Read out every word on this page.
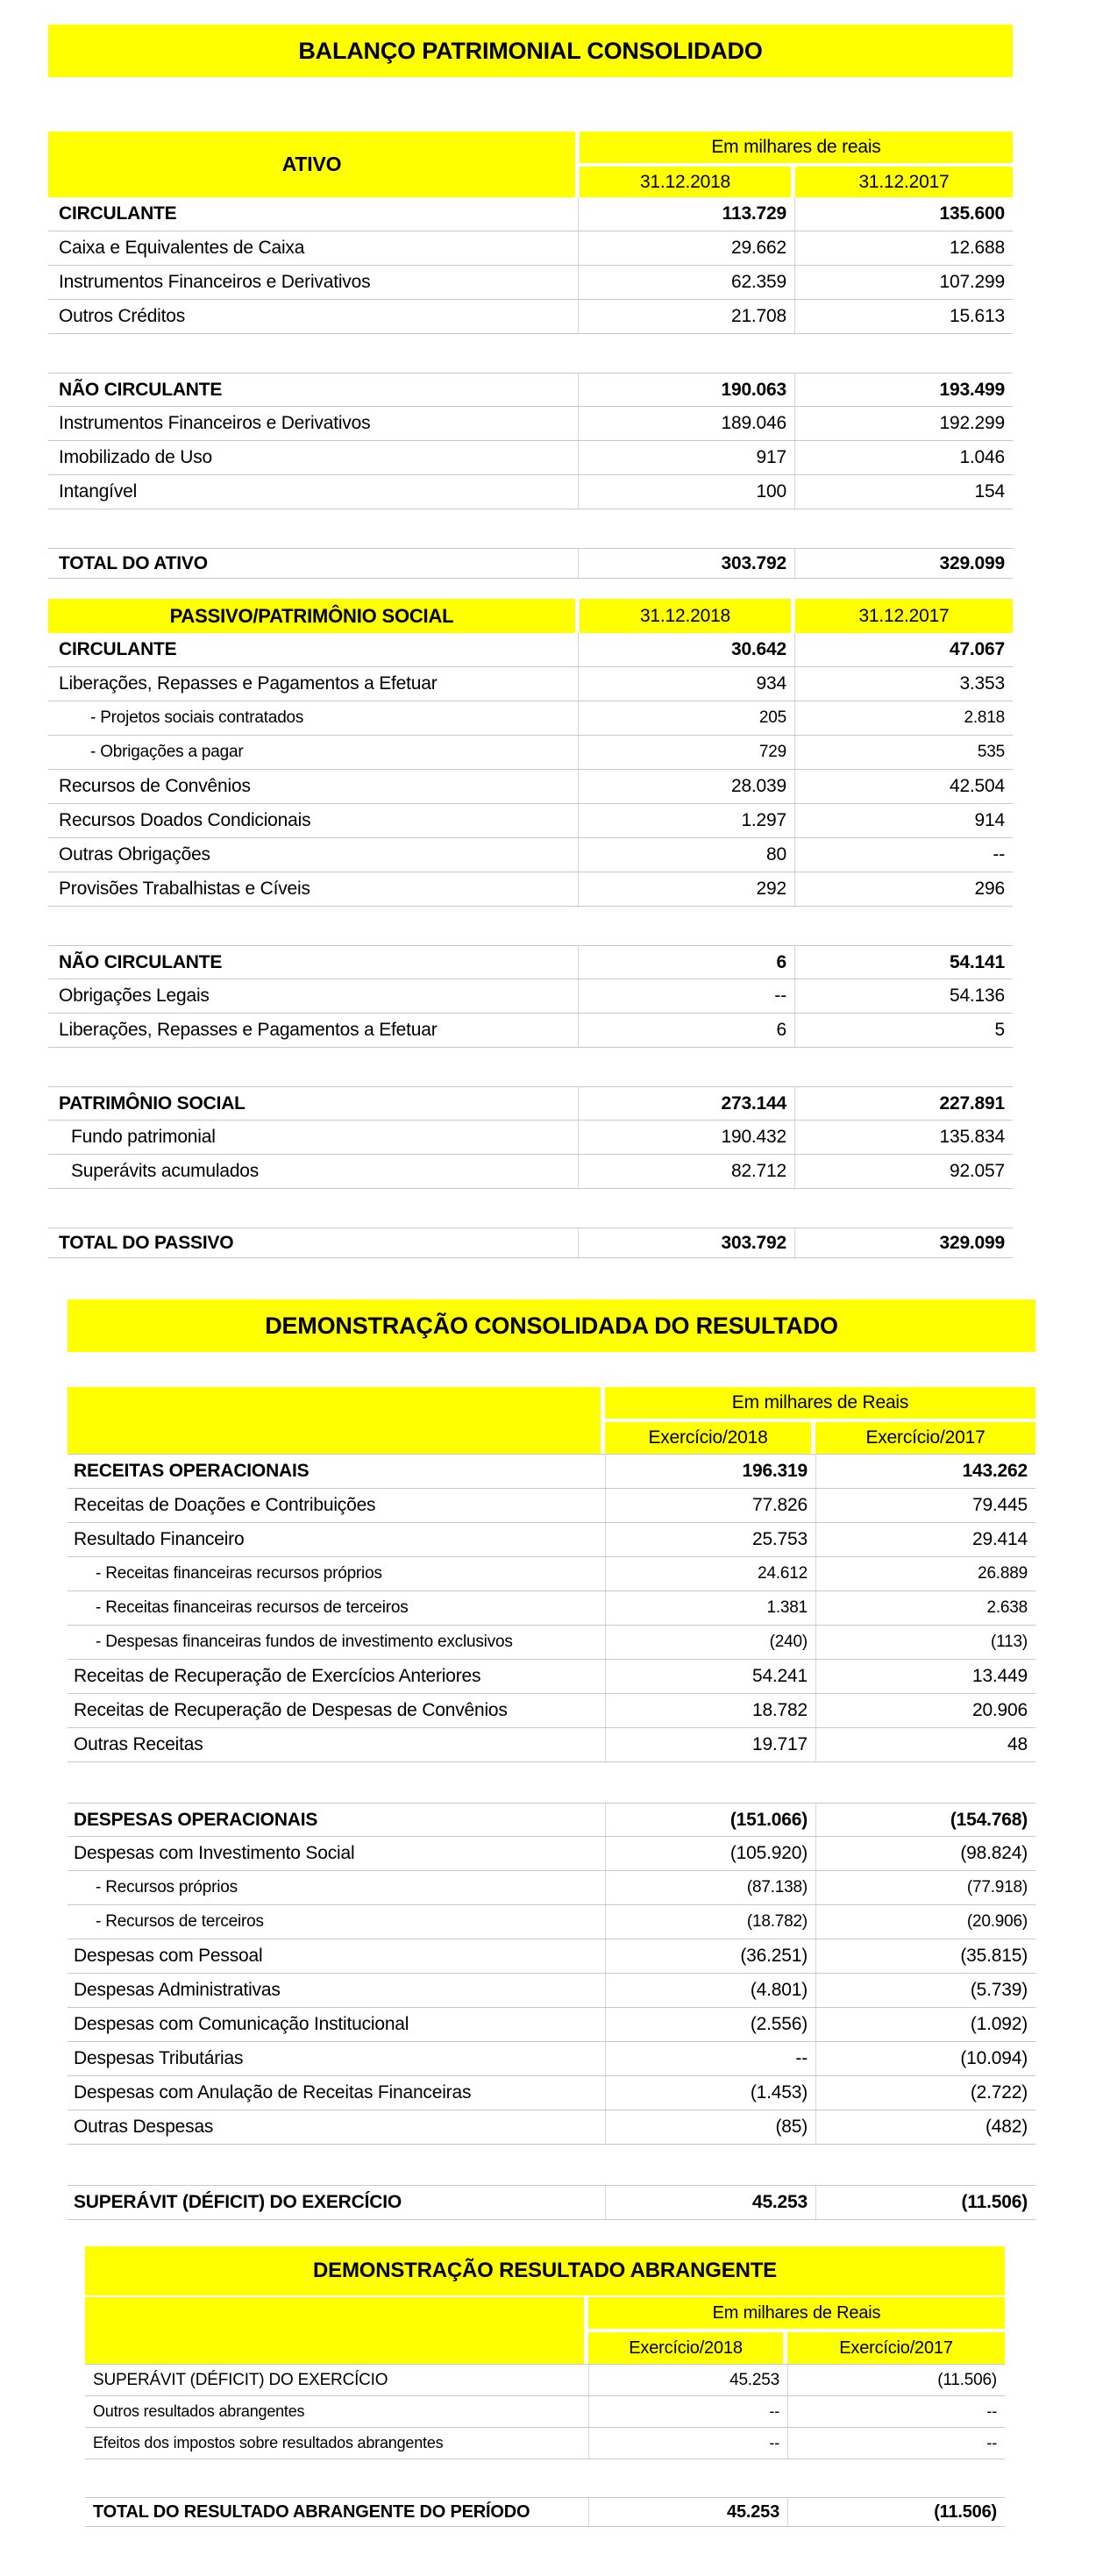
BALANÇO PATRIMONIAL CONSOLIDADO
ATIVO
Em milhares de reais
31.12.2018	31.12.2017
CIRCULANTE	113.729	135.600
Caixa e Equivalentes de Caixa	29.662	12.688
Instrumentos Financeiros e Derivativos	62.359	107.299
Outros Créditos	21.708	15.613
NÃO CIRCULANTE	190.063	193.499
Instrumentos Financeiros e Derivativos	189.046	192.299
Imobilizado de Uso	917	1.046
Intangível	100	154
TOTAL DO ATIVO	303.792	329.099
PASSIVO/PATRIMÔNIO SOCIAL	31.12.2018	31.12.2017
CIRCULANTE	30.642	47.067
Liberações, Repasses e Pagamentos a Efetuar	934	3.353
- Projetos sociais contratados	205	2.818
- Obrigações a pagar	729	535
Recursos de Convênios	28.039	42.504
Recursos Doados Condicionais	1.297	914
Outras Obrigações	80	--
Provisões Trabalhistas e Cíveis	292	296
NÃO CIRCULANTE	6	54.141
Obrigações Legais	--	54.136
Liberações, Repasses e Pagamentos a Efetuar	6	5
PATRIMÔNIO SOCIAL	273.144	227.891
Fundo patrimonial	190.432	135.834
Superávits acumulados	82.712	92.057
TOTAL DO PASSIVO	303.792	329.099
DEMONSTRAÇÃO CONSOLIDADA DO RESULTADO
Em milhares de Reais
Exercício/2018	Exercício/2017
RECEITAS OPERACIONAIS	196.319	143.262
Receitas de Doações e Contribuições	77.826	79.445
Resultado Financeiro	25.753	29.414
- Receitas financeiras recursos próprios	24.612	26.889
- Receitas financeiras recursos de terceiros	1.381	2.638
- Despesas financeiras fundos de investimento exclusivos	(240)	(113)
Receitas de Recuperação de Exercícios Anteriores	54.241	13.449
Receitas de Recuperação de Despesas de Convênios	18.782	20.906
Outras Receitas	19.717	48
DESPESAS OPERACIONAIS	(151.066)	(154.768)
Despesas com Investimento Social	(105.920)	(98.824)
- Recursos próprios	(87.138)	(77.918)
- Recursos de terceiros	(18.782)	(20.906)
Despesas com Pessoal	(36.251)	(35.815)
Despesas Administrativas	(4.801)	(5.739)
Despesas com Comunicação Institucional	(2.556)	(1.092)
Despesas Tributárias	--	(10.094)
Despesas com Anulação de Receitas Financeiras	(1.453)	(2.722)
Outras Despesas	(85)	(482)
SUPERÁVIT (DÉFICIT) DO EXERCÍCIO	45.253	(11.506)
DEMONSTRAÇÃO RESULTADO ABRANGENTE
Em milhares de Reais
Exercício/2018	Exercício/2017
SUPERÁVIT (DÉFICIT) DO EXERCÍCIO	45.253	(11.506)
Outros resultados abrangentes	--	--
Efeitos dos impostos sobre resultados abrangentes	--	--
TOTAL DO RESULTADO ABRANGENTE DO PERÍODO	45.253	(11.506)
